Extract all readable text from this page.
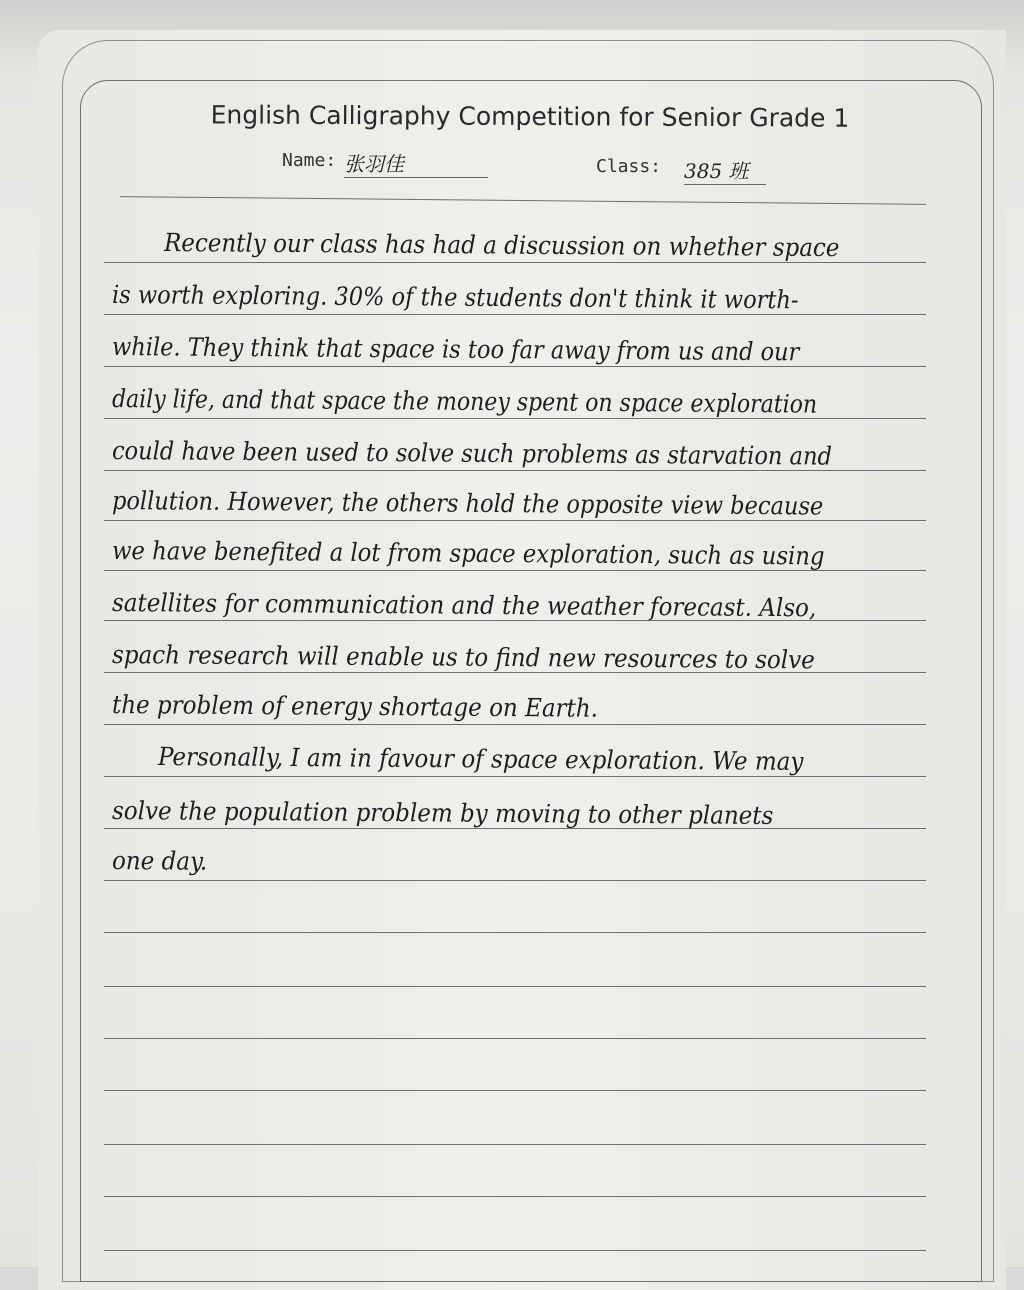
English Calligraphy Competition for Senior Grade 1
Name: 张羽佳	Class: 385 班
Recently our class has had a discussion on whether space
is worth exploring. 30% of the students don't think it worth-
while. They think that space is too far away from us and our
daily life, and that space the money spent on space exploration
could have been used to solve such problems as starvation and
pollution. However, the others hold the opposite view because
we have benefited a lot from space exploration, such as using
satellites for communication and the weather forecast. Also,
spach research will enable us to find new resources to solve
the problem of energy shortage on Earth.
Personally, I am in favour of space exploration. We may
solve the population problem by moving to other planets
one day.
